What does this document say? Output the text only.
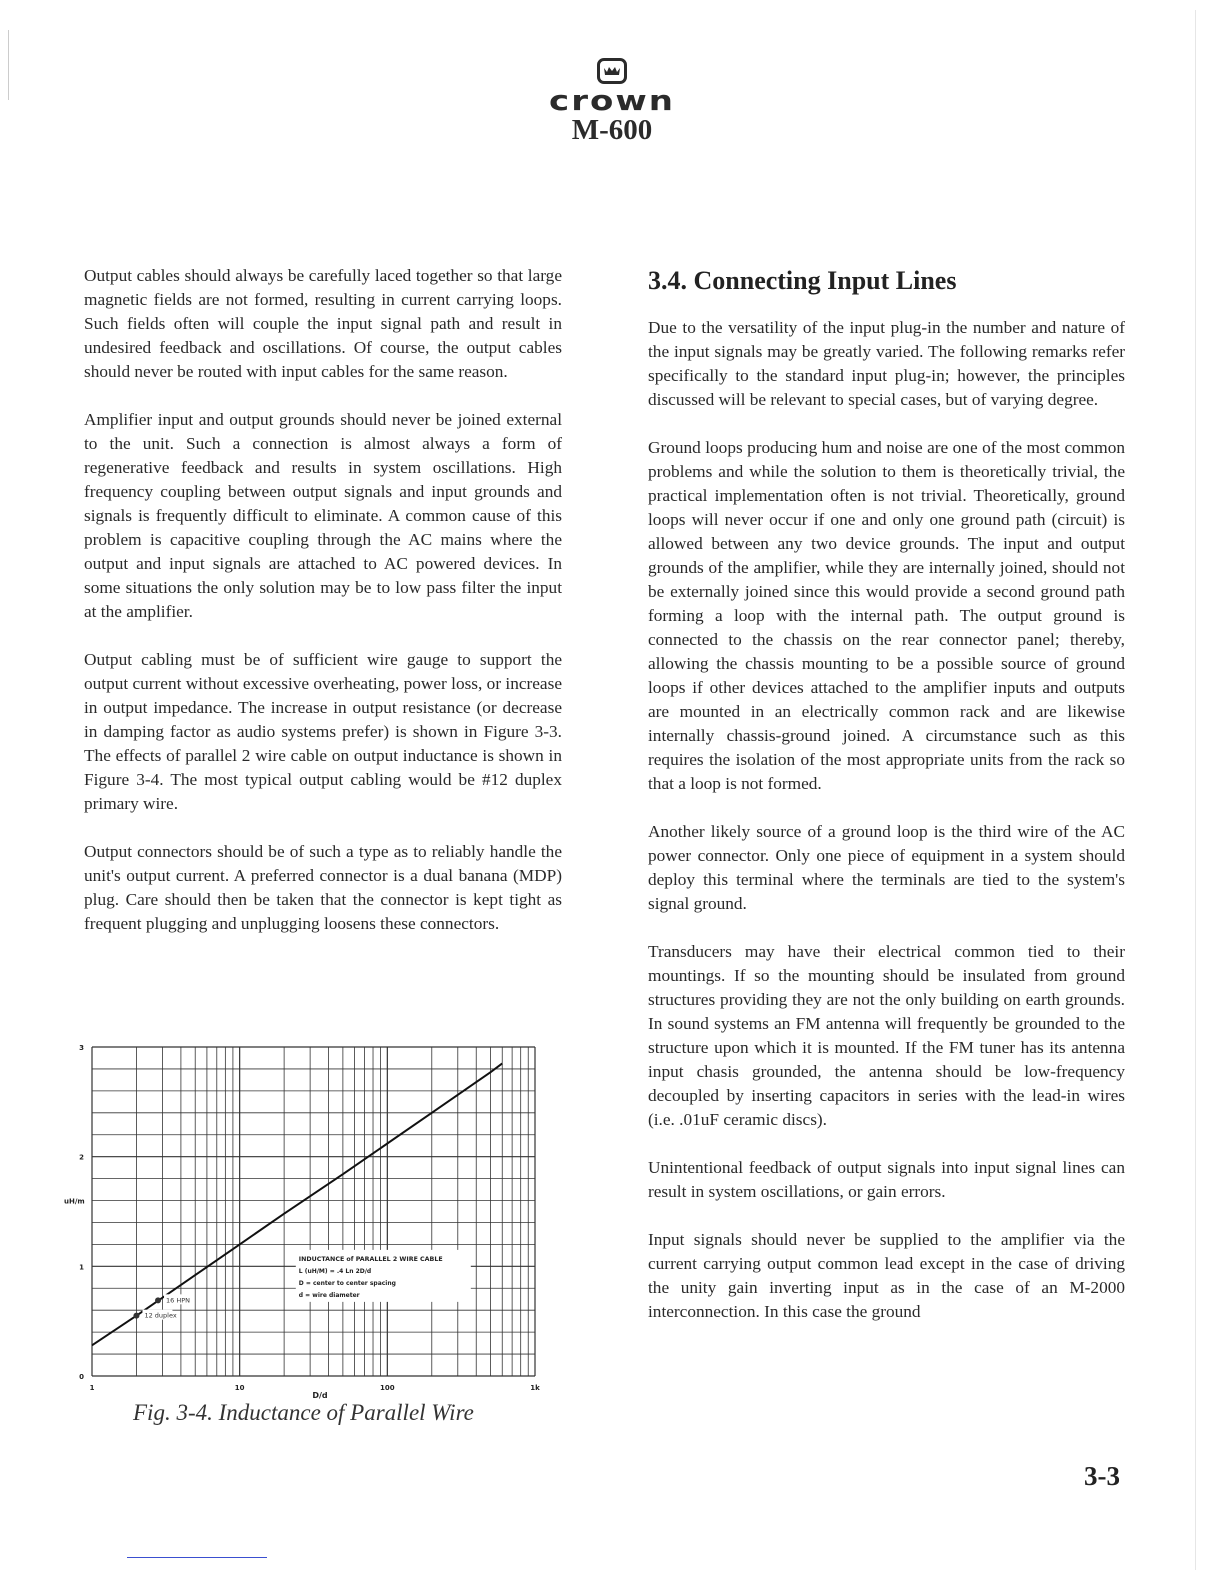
crown
M-600

Output cables should always be carefully laced together so that large magnetic fields are not formed, resulting in current carrying loops. Such fields often will couple the input signal path and result in undesired feedback and oscillations. Of course, the output cables should never be routed with input cables for the same reason.

Amplifier input and output grounds should never be joined external to the unit. Such a connection is almost always a form of regenerative feedback and results in system oscillations. High frequency coupling between output signals and input grounds and signals is frequently difficult to eliminate. A common cause of this problem is capacitive coupling through the AC mains where the output and input signals are attached to AC powered devices. In some situations the only solution may be to low pass filter the input at the amplifier.

Output cabling must be of sufficient wire gauge to support the output current without excessive overheating, power loss, or increase in output impedance. The increase in output resistance (or decrease in damping factor as audio systems prefer) is shown in Figure 3-3. The effects of parallel 2 wire cable on output inductance is shown in Figure 3-4. The most typical output cabling would be #12 duplex primary wire.

Output connectors should be of such a type as to reliably handle the unit's output current. A preferred connector is a dual banana (MDP) plug. Care should then be taken that the connector is kept tight as frequent plugging and unplugging loosens these connectors.

3.4. Connecting Input Lines

Due to the versatility of the input plug-in the number and nature of the input signals may be greatly varied. The following remarks refer specifically to the standard input plug-in; however, the principles discussed will be relevant to special cases, but of varying degree.

Ground loops producing hum and noise are one of the most common problems and while the solution to them is theoretically trivial, the practical implementation often is not trivial. Theoretically, ground loops will never occur if one and only one ground path (circuit) is allowed between any two device grounds. The input and output grounds of the amplifier, while they are internally joined, should not be externally joined since this would provide a second ground path forming a loop with the internal path. The output ground is connected to the chassis on the rear connector panel; thereby, allowing the chassis mounting to be a possible source of ground loops if other devices attached to the amplifier inputs and outputs are mounted in an electrically common rack and are likewise internally chassis-ground joined. A circumstance such as this requires the isolation of the most appropriate units from the rack so that a loop is not formed.

Another likely source of a ground loop is the third wire of the AC power connector. Only one piece of equipment in a system should deploy this terminal where the terminals are tied to the system's signal ground.

Transducers may have their electrical common tied to their mountings. If so the mounting should be insulated from ground structures providing they are not the only building on earth grounds. In sound systems an FM antenna will frequently be grounded to the structure upon which it is mounted. If the FM tuner has its antenna input chasis grounded, the antenna should be low-frequency decoupled by inserting capacitors in series with the lead-in wires (i.e. .01uF ceramic discs).

Unintentional feedback of output signals into input signal lines can result in system oscillations, or gain errors.

Input signals should never be supplied to the amplifier via the current carrying output common lead except in the case of driving the unity gain inverting input as in the case of an M-2000 interconnection. In this case the ground

0
1
2
3
1	10	100	1k
D/d
uH/m
12 duplex
16 HPN
INDUCTANCE of PARALLEL 2 WIRE CABLE
L (uH/M) = .4 Ln 2D/d
D = center to center spacing
d = wire diameter
Fig. 3-4. Inductance of Parallel Wire
3-3
